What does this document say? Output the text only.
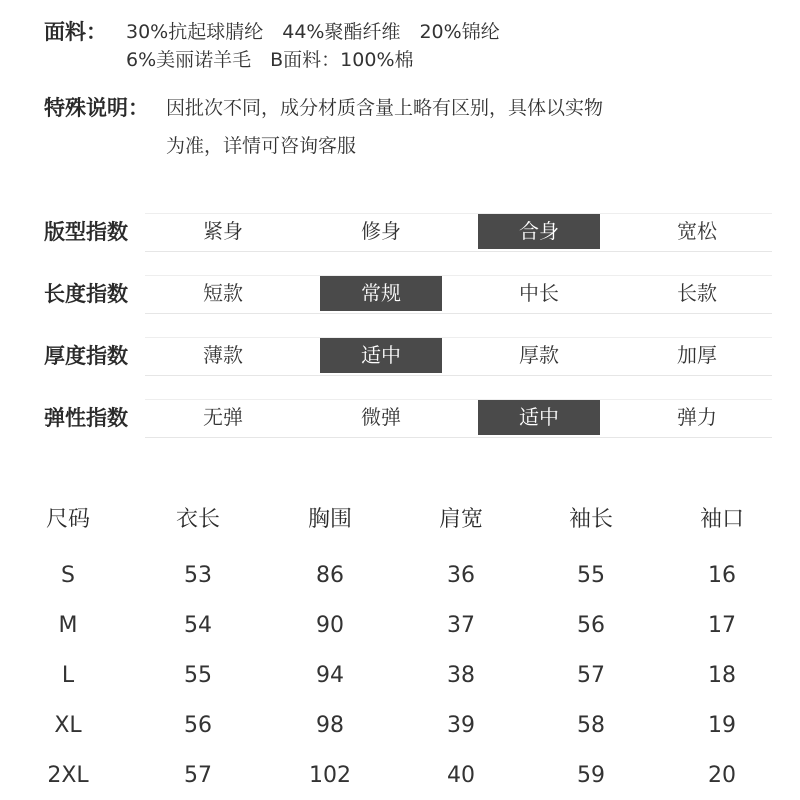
面料： 30%抗起球腈纶　44%聚酯纤维　20%锦纶
6%美丽诺羊毛　B面料：100%棉
特殊说明： 因批次不同，成分材质含量上略有区别，具体以实物
为准，详情可咨询客服
版型指数	紧身	修身	合身	宽松
长度指数	短款	常规	中长	长款
厚度指数	薄款	适中	厚款	加厚
弹性指数	无弹	微弹	适中	弹力
尺码	衣长	胸围	肩宽	袖长	袖口
S	53	86	36	55	16
M	54	90	37	56	17
L	55	94	38	57	18
XL	56	98	39	58	19
2XL	57	102	40	59	20
